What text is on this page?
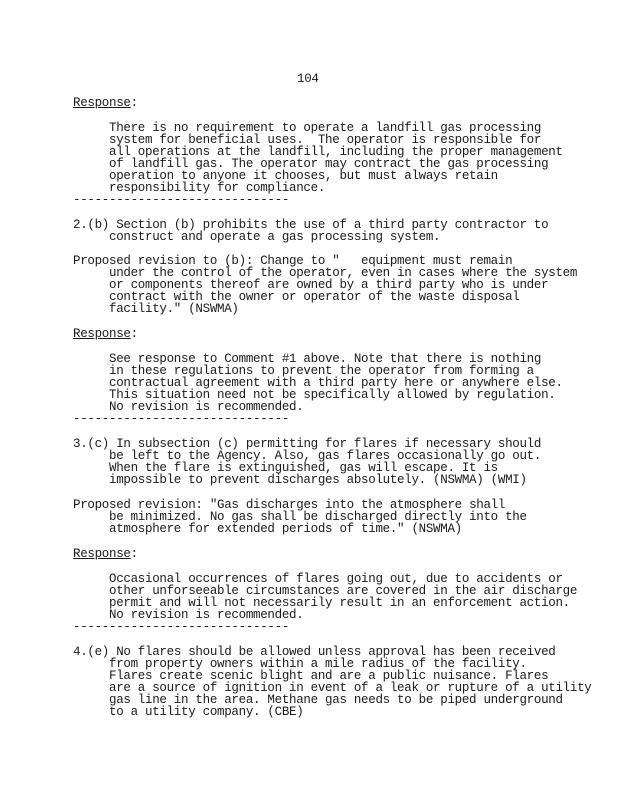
104
Response:
There is no requirement to operate a landfill gas processing
system for beneficial uses.  The operator is responsible for
all operations at the landfill, including the proper management
of landfill gas. The operator may contract the gas processing
operation to anyone it chooses, but must always retain
responsibility for compliance.
------------------------------
2.(b) Section (b) prohibits the use of a third party contractor to
construct and operate a gas processing system.
Proposed revision to (b): Change to "   equipment must remain
under the control of the operator, even in cases where the system
or components thereof are owned by a third party who is under
contract with the owner or operator of the waste disposal
facility." (NSWMA)
Response:
See response to Comment #1 above. Note that there is nothing
in these regulations to prevent the operator from forming a
contractual agreement with a third party here or anywhere else.
This situation need not be specifically allowed by regulation.
No revision is recommended.
------------------------------
3.(c) In subsection (c) permitting for flares if necessary should
be left to the Agency. Also, gas flares occasionally go out.
When the flare is extinguished, gas will escape. It is
impossible to prevent discharges absolutely. (NSWMA) (WMI)
Proposed revision: "Gas discharges into the atmosphere shall
be minimized. No gas shall be discharged directly into the
atmosphere for extended periods of time." (NSWMA)
Response:
Occasional occurrences of flares going out, due to accidents or
other unforseeable circumstances are covered in the air discharge
permit and will not necessarily result in an enforcement action.
No revision is recommended.
------------------------------
4.(e) No flares should be allowed unless approval has been received
from property owners within a mile radius of the facility.
Flares create scenic blight and are a public nuisance. Flares
are a source of ignition in event of a leak or rupture of a utility
gas line in the area. Methane gas needs to be piped underground
to a utility company. (CBE)
